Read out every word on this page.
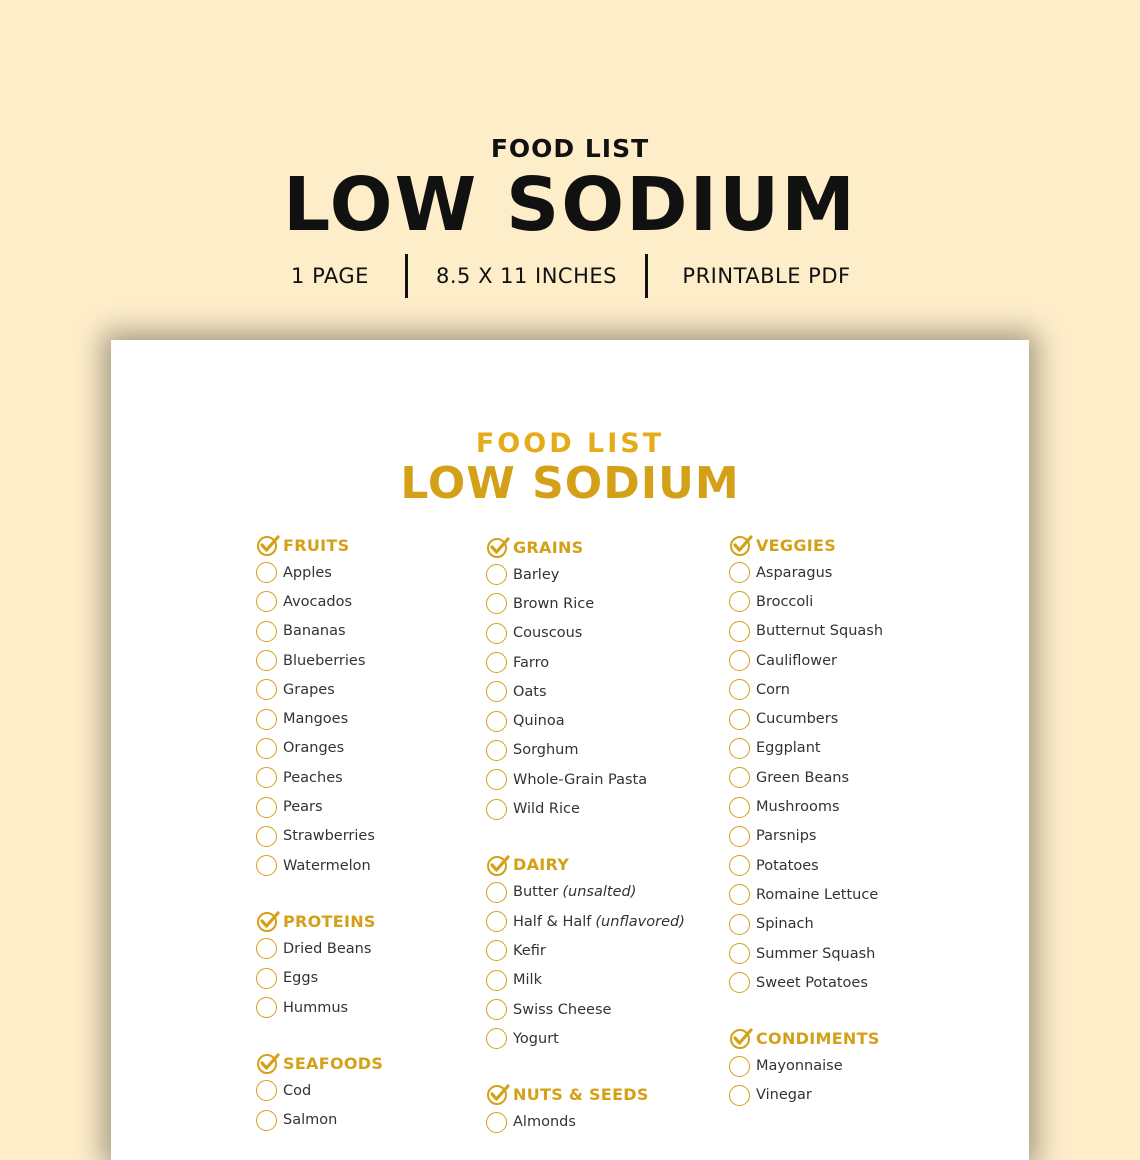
FOOD LIST
LOW SODIUM
1 PAGE	8.5 X 11 INCHES	PRINTABLE PDF
FOOD LIST
LOW SODIUM
FRUITS
Apples
Avocados
Bananas
Blueberries
Grapes
Mangoes
Oranges
Peaches
Pears
Strawberries
Watermelon
PROTEINS
Dried Beans
Eggs
Hummus
SEAFOODS
Cod
Salmon
GRAINS
Barley
Brown Rice
Couscous
Farro
Oats
Quinoa
Sorghum
Whole-Grain Pasta
Wild Rice
DAIRY
Butter (unsalted)
Half & Half (unflavored)
Kefir
Milk
Swiss Cheese
Yogurt
NUTS & SEEDS
Almonds
VEGGIES
Asparagus
Broccoli
Butternut Squash
Cauliflower
Corn
Cucumbers
Eggplant
Green Beans
Mushrooms
Parsnips
Potatoes
Romaine Lettuce
Spinach
Summer Squash
Sweet Potatoes
CONDIMENTS
Mayonnaise
Vinegar
